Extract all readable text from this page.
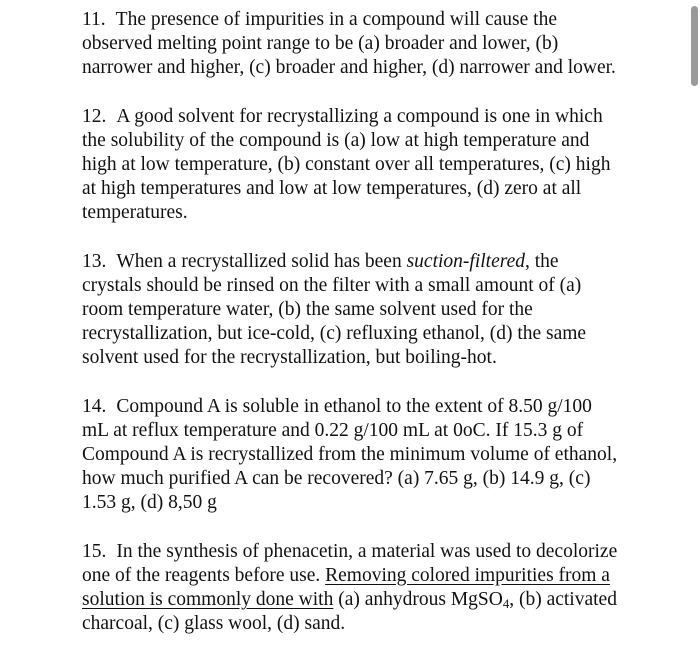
11. The presence of impurities in a compound will cause the observed melting point range to be (a) broader and lower, (b) narrower and higher, (c) broader and higher, (d) narrower and lower.

12. A good solvent for recrystallizing a compound is one in which the solubility of the compound is (a) low at high temperature and high at low temperature, (b) constant over all temperatures, (c) high at high temperatures and low at low temperatures, (d) zero at all temperatures.

13. When a recrystallized solid has been suction-filtered, the crystals should be rinsed on the filter with a small amount of (a) room temperature water, (b) the same solvent used for the recrystallization, but ice-cold, (c) refluxing ethanol, (d) the same solvent used for the recrystallization, but boiling-hot.

14. Compound A is soluble in ethanol to the extent of 8.50 g/100 mL at reflux temperature and 0.22 g/100 mL at 0oC. If 15.3 g of Compound A is recrystallized from the minimum volume of ethanol, how much purified A can be recovered? (a) 7.65 g, (b) 14.9 g, (c) 1.53 g, (d) 8,50 g

15. In the synthesis of phenacetin, a material was used to decolorize one of the reagents before use. Removing colored impurities from a solution is commonly done with (a) anhydrous MgSO$_4$, (b) activated charcoal, (c) glass wool, (d) sand.
